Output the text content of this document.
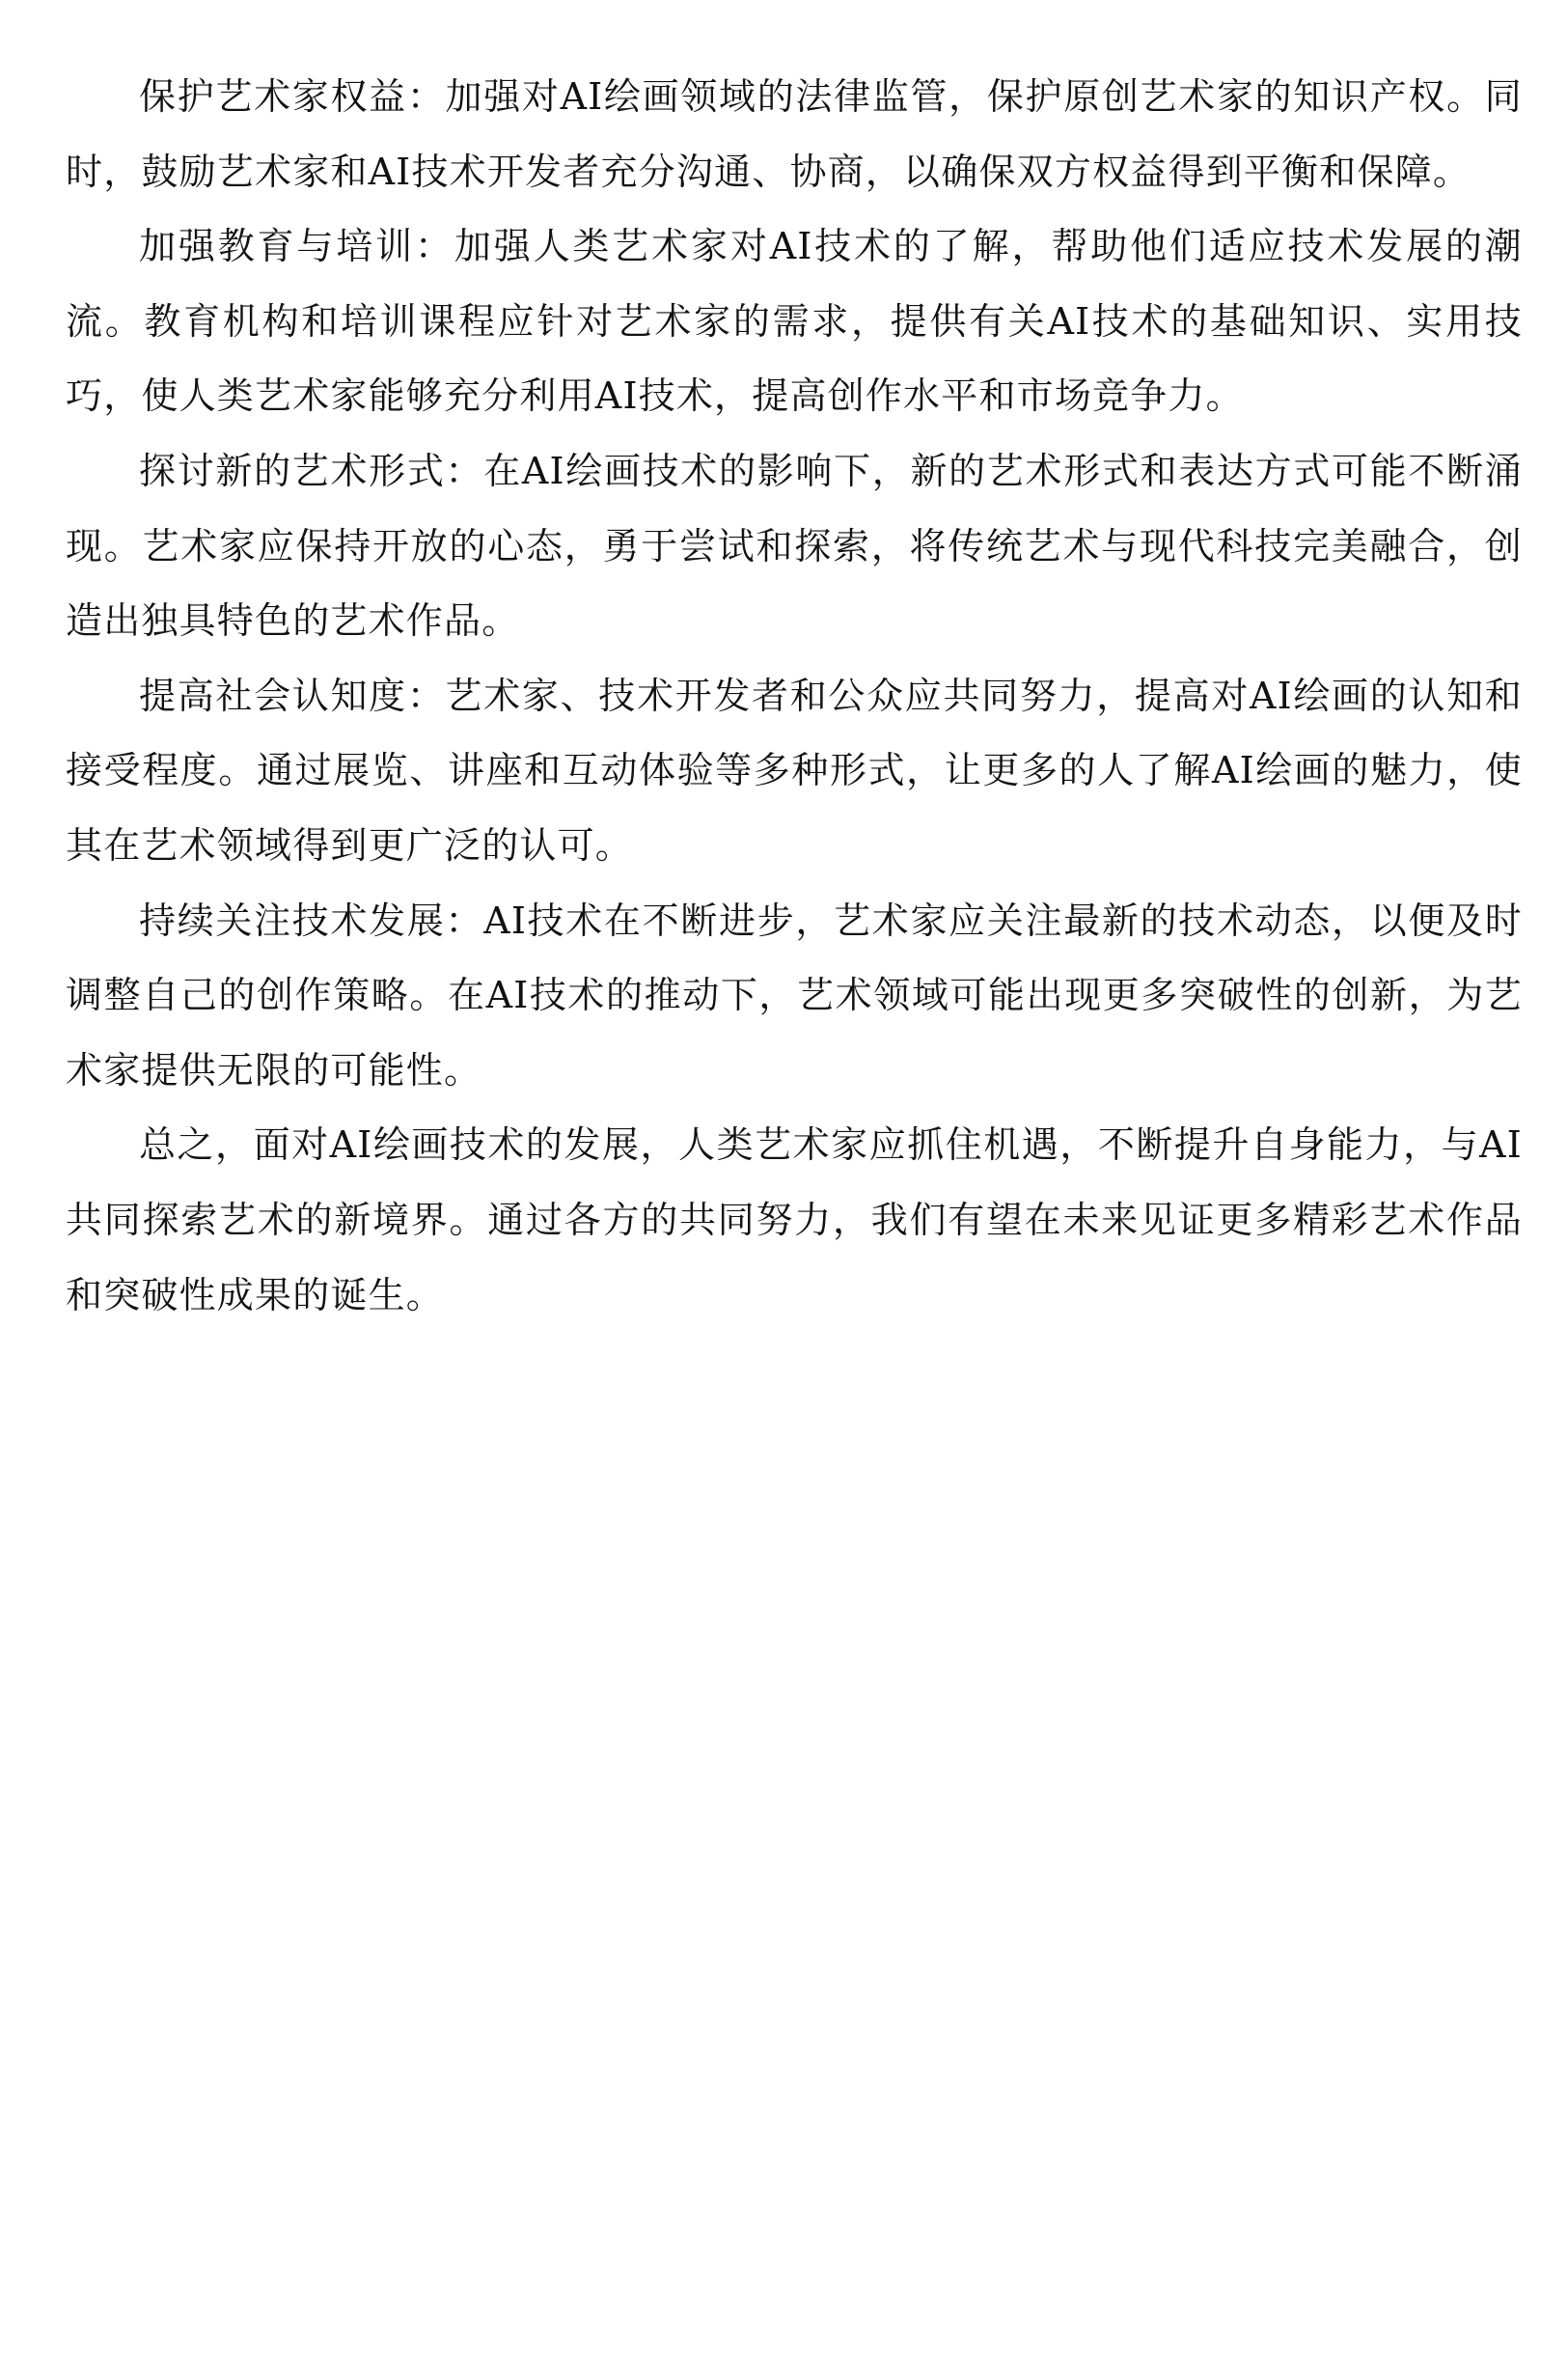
保护艺术家权益：加强对AI绘画领域的法律监管，保护原创艺术家的知识产权。同时，鼓励艺术家和AI技术开发者充分沟通、协商，以确保双方权益得到平衡和保障。

加强教育与培训：加强人类艺术家对AI技术的了解，帮助他们适应技术发展的潮流。教育机构和培训课程应针对艺术家的需求，提供有关AI技术的基础知识、实用技巧，使人类艺术家能够充分利用AI技术，提高创作水平和市场竞争力。

探讨新的艺术形式：在AI绘画技术的影响下，新的艺术形式和表达方式可能不断涌现。艺术家应保持开放的心态，勇于尝试和探索，将传统艺术与现代科技完美融合，创造出独具特色的艺术作品。

提高社会认知度：艺术家、技术开发者和公众应共同努力，提高对AI绘画的认知和接受程度。通过展览、讲座和互动体验等多种形式，让更多的人了解AI绘画的魅力，使其在艺术领域得到更广泛的认可。

持续关注技术发展：AI技术在不断进步，艺术家应关注最新的技术动态，以便及时调整自己的创作策略。在AI技术的推动下，艺术领域可能出现更多突破性的创新，为艺术家提供无限的可能性。

总之，面对AI绘画技术的发展，人类艺术家应抓住机遇，不断提升自身能力，与AI共同探索艺术的新境界。通过各方的共同努力，我们有望在未来见证更多精彩艺术作品和突破性成果的诞生。
